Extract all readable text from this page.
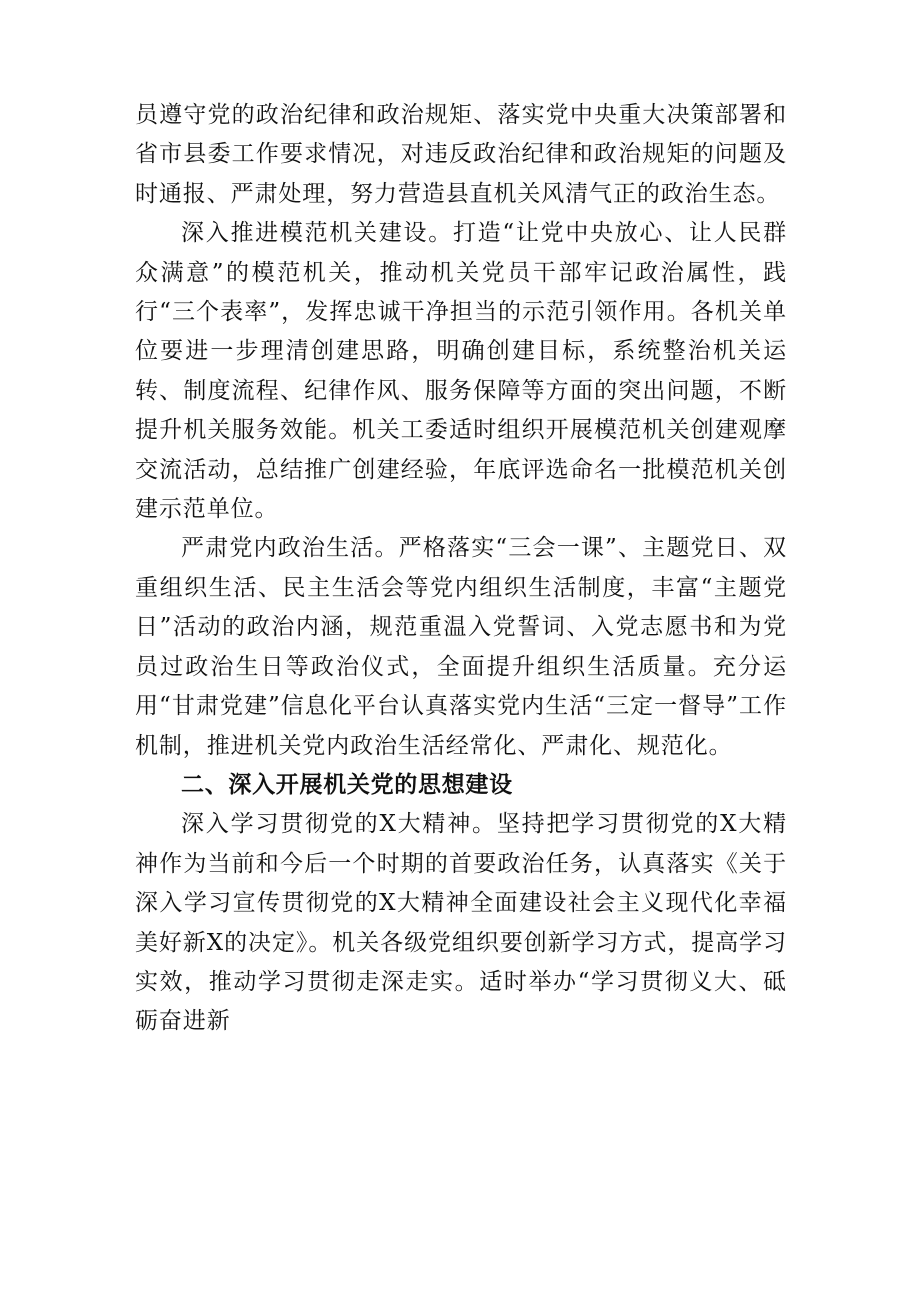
员遵守党的政治纪律和政治规矩、落实党中央重大决策部署和省市县委工作要求情况，对违反政治纪律和政治规矩的问题及时通报、严肃处理，努力营造县直机关风清气正的政治生态。

深入推进模范机关建设。打造“让党中央放心、让人民群众满意”的模范机关，推动机关党员干部牢记政治属性，践行“三个表率”，发挥忠诚干净担当的示范引领作用。各机关单位要进一步理清创建思路，明确创建目标，系统整治机关运转、制度流程、纪律作风、服务保障等方面的突出问题，不断提升机关服务效能。机关工委适时组织开展模范机关创建观摩交流活动，总结推广创建经验，年底评选命名一批模范机关创建示范单位。

严肃党内政治生活。严格落实“三会一课”、主题党日、双重组织生活、民主生活会等党内组织生活制度，丰富“主题党日”活动的政治内涵，规范重温入党誓词、入党志愿书和为党员过政治生日等政治仪式，全面提升组织生活质量。充分运用“甘肃党建”信息化平台认真落实党内生活“三定一督导”工作机制，推进机关党内政治生活经常化、严肃化、规范化。

二、深入开展机关党的思想建设

深入学习贯彻党的X大精神。坚持把学习贯彻党的X大精神作为当前和今后一个时期的首要政治任务，认真落实《关于深入学习宣传贯彻党的X大精神全面建设社会主义现代化幸福美好新X的决定》。机关各级党组织要创新学习方式，提高学习实效，推动学习贯彻走深走实。适时举办“学习贯彻义大、砥砺奋进新
